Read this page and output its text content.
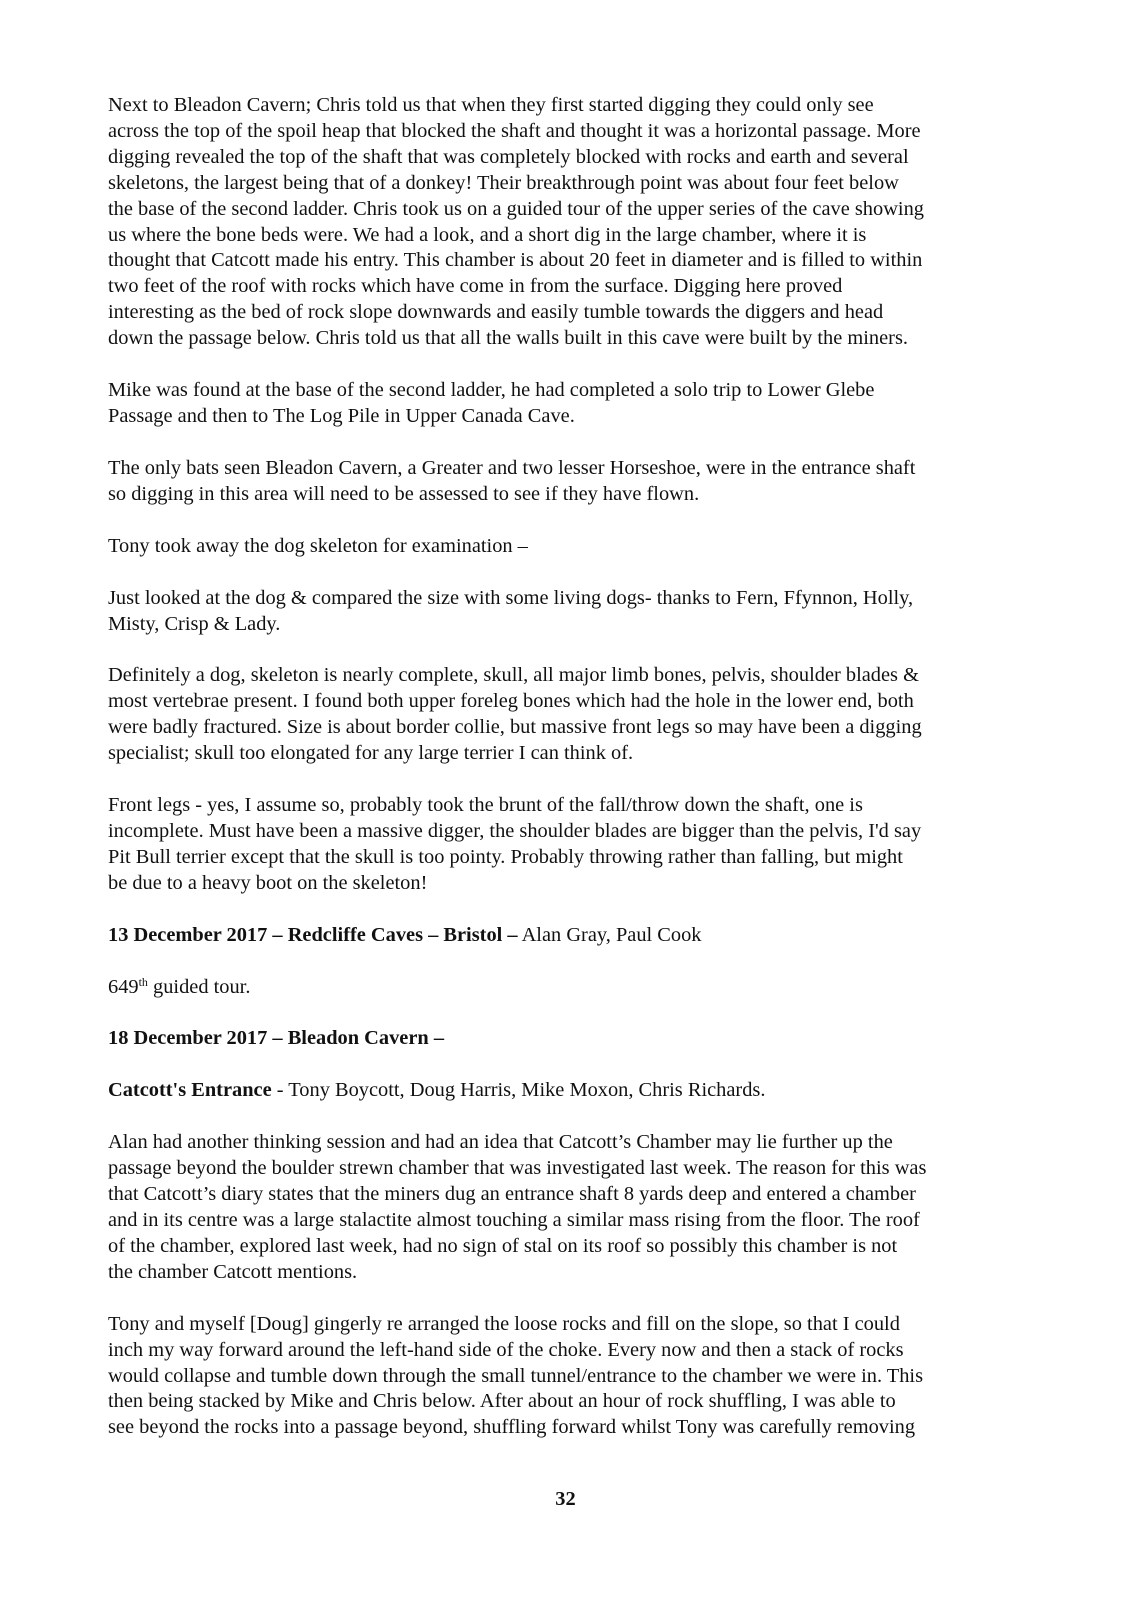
Next to Bleadon Cavern; Chris told us that when they first started digging they could only see
across the top of the spoil heap that blocked the shaft and thought it was a horizontal passage. More
digging revealed the top of the shaft that was completely blocked with rocks and earth and several
skeletons, the largest being that of a donkey! Their breakthrough point was about four feet below
the base of the second ladder. Chris took us on a guided tour of the upper series of the cave showing
us where the bone beds were. We had a look, and a short dig in the large chamber, where it is
thought that Catcott made his entry. This chamber is about 20 feet in diameter and is filled to within
two feet of the roof with rocks which have come in from the surface. Digging here proved
interesting as the bed of rock slope downwards and easily tumble towards the diggers and head
down the passage below. Chris told us that all the walls built in this cave were built by the miners.
Mike was found at the base of the second ladder, he had completed a solo trip to Lower Glebe
Passage and then to The Log Pile in Upper Canada Cave.
The only bats seen Bleadon Cavern, a Greater and two lesser Horseshoe, were in the entrance shaft
so digging in this area will need to be assessed to see if they have flown.
Tony took away the dog skeleton for examination –
Just looked at the dog & compared the size with some living dogs- thanks to Fern, Ffynnon, Holly,
Misty, Crisp & Lady.
Definitely a dog, skeleton is nearly complete, skull, all major limb bones, pelvis, shoulder blades &
most vertebrae present. I found both upper foreleg bones which had the hole in the lower end, both
were badly fractured. Size is about border collie, but massive front legs so may have been a digging
specialist; skull too elongated for any large terrier I can think of.
Front legs - yes, I assume so, probably took the brunt of the fall/throw down the shaft, one is
incomplete. Must have been a massive digger, the shoulder blades are bigger than the pelvis, I'd say
Pit Bull terrier except that the skull is too pointy. Probably throwing rather than falling, but might
be due to a heavy boot on the skeleton!
13 December 2017 – Redcliffe Caves – Bristol – Alan Gray, Paul Cook
649th guided tour.
18 December 2017 – Bleadon Cavern –
Catcott's Entrance - Tony Boycott, Doug Harris, Mike Moxon, Chris Richards.
Alan had another thinking session and had an idea that Catcott’s Chamber may lie further up the
passage beyond the boulder strewn chamber that was investigated last week. The reason for this was
that Catcott’s diary states that the miners dug an entrance shaft 8 yards deep and entered a chamber
and in its centre was a large stalactite almost touching a similar mass rising from the floor. The roof
of the chamber, explored last week, had no sign of stal on its roof so possibly this chamber is not
the chamber Catcott mentions.
Tony and myself [Doug] gingerly re arranged the loose rocks and fill on the slope, so that I could
inch my way forward around the left-hand side of the choke. Every now and then a stack of rocks
would collapse and tumble down through the small tunnel/entrance to the chamber we were in. This
then being stacked by Mike and Chris below. After about an hour of rock shuffling, I was able to
see beyond the rocks into a passage beyond, shuffling forward whilst Tony was carefully removing
32
